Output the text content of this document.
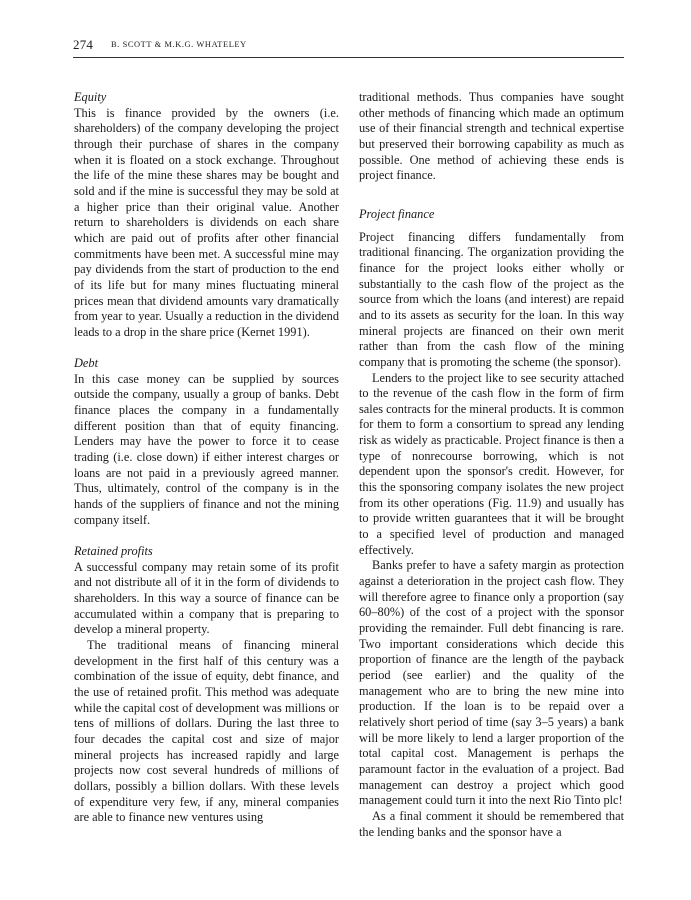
274 B. SCOTT & M.K.G. WHATELEY

Equity

This is finance provided by the owners (i.e. shareholders) of the company developing the project through their purchase of shares in the company when it is floated on a stock exchange. Throughout the life of the mine these shares may be bought and sold and if the mine is successful they may be sold at a higher price than their original value. Another return to shareholders is dividends on each share which are paid out of profits after other financial commitments have been met. A successful mine may pay dividends from the start of production to the end of its life but for many mines fluctuating mineral prices mean that dividend amounts vary dramatically from year to year. Usually a reduction in the dividend leads to a drop in the share price (Kernet 1991).

Debt

In this case money can be supplied by sources outside the company, usually a group of banks. Debt finance places the company in a fundamentally different position than that of equity financing. Lenders may have the power to force it to cease trading (i.e. close down) if either interest charges or loans are not paid in a previously agreed manner. Thus, ultimately, control of the company is in the hands of the suppliers of finance and not the mining company itself.

Retained profits

A successful company may retain some of its profit and not distribute all of it in the form of dividends to shareholders. In this way a source of finance can be accumulated within a company that is preparing to develop a mineral property.

The traditional means of financing mineral development in the first half of this century was a combination of the issue of equity, debt finance, and the use of retained profit. This method was adequate while the capital cost of development was millions or tens of millions of dollars. During the last three to four decades the capital cost and size of major mineral projects has increased rapidly and large projects now cost several hundreds of millions of dollars, possibly a billion dollars. With these levels of expenditure very few, if any, mineral companies are able to finance new ventures using

traditional methods. Thus companies have sought other methods of financing which made an optimum use of their financial strength and technical expertise but preserved their borrowing capability as much as possible. One method of achieving these ends is project finance.

Project finance

Project financing differs fundamentally from traditional financing. The organization providing the finance for the project looks either wholly or substantially to the cash flow of the project as the source from which the loans (and interest) are repaid and to its assets as security for the loan. In this way mineral projects are financed on their own merit rather than from the cash flow of the mining company that is promoting the scheme (the sponsor).

Lenders to the project like to see security attached to the revenue of the cash flow in the form of firm sales contracts for the mineral products. It is common for them to form a consortium to spread any lending risk as widely as practicable. Project finance is then a type of nonrecourse borrowing, which is not dependent upon the sponsor's credit. However, for this the sponsoring company isolates the new project from its other operations (Fig. 11.9) and usually has to provide written guarantees that it will be brought to a specified level of production and managed effectively.

Banks prefer to have a safety margin as protection against a deterioration in the project cash flow. They will therefore agree to finance only a proportion (say 60–80%) of the cost of a project with the sponsor providing the remainder. Full debt financing is rare. Two important considerations which decide this proportion of finance are the length of the payback period (see earlier) and the quality of the management who are to bring the new mine into production. If the loan is to be repaid over a relatively short period of time (say 3–5 years) a bank will be more likely to lend a larger proportion of the total capital cost. Management is perhaps the paramount factor in the evaluation of a project. Bad management can destroy a project which good management could turn it into the next Rio Tinto plc!

As a final comment it should be remembered that the lending banks and the sponsor have a
